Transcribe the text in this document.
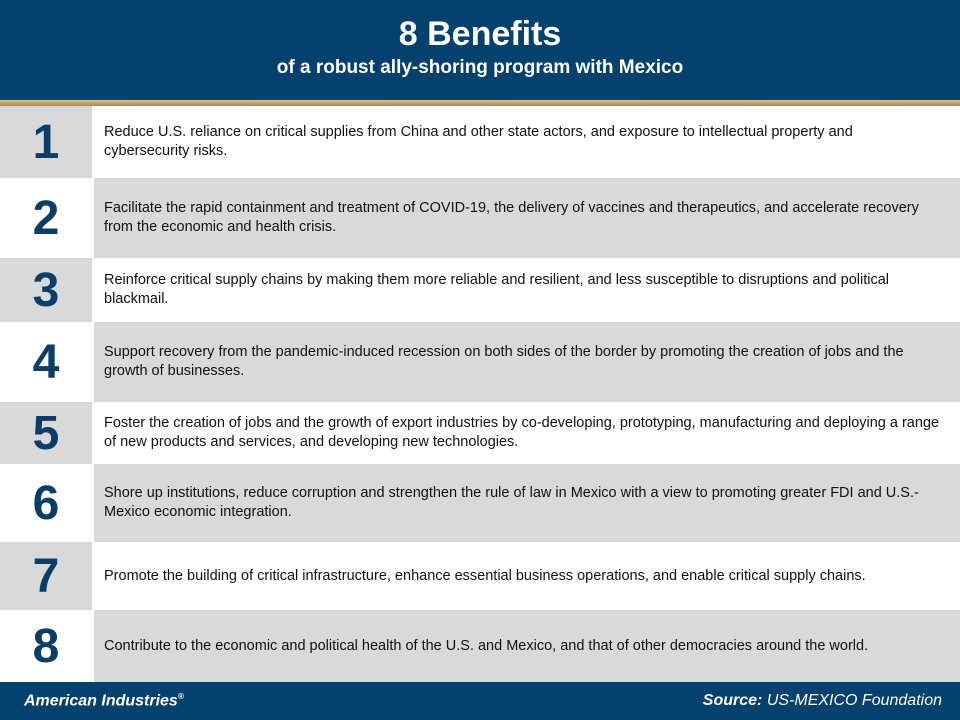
8 Benefits
of a robust ally-shoring program with Mexico
1	Reduce U.S. reliance on critical supplies from China and other state actors, and exposure to intellectual property and cybersecurity risks.
2	Facilitate the rapid containment and treatment of COVID-19, the delivery of vaccines and therapeutics, and accelerate recovery from the economic and health crisis.
3	Reinforce critical supply chains by making them more reliable and resilient, and less susceptible to disruptions and political blackmail.
4	Support recovery from the pandemic-induced recession on both sides of the border by promoting the creation of jobs and the growth of businesses.
5	Foster the creation of jobs and the growth of export industries by co-developing, prototyping, manufacturing and deploying a range of new products and services, and developing new technologies.
6	Shore up institutions, reduce corruption and strengthen the rule of law in Mexico with a view to promoting greater FDI and U.S.-Mexico economic integration.
7	Promote the building of critical infrastructure, enhance essential business operations, and enable critical supply chains.
8	Contribute to the economic and political health of the U.S. and Mexico, and that of other democracies around the world.
American Industries®	Source: US-MEXICO Foundation
